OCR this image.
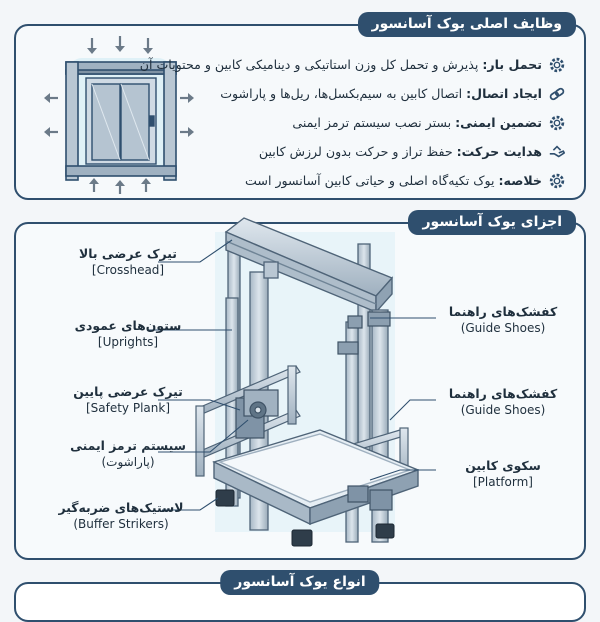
وظایف اصلی یوک آسانسور
تحمل بار:
پذیرش و تحمل کل وزن استاتیکی و دینامیکی کابین و محتویات آن
ایجاد اتصال:
اتصال کابین به سیم‌بکسل‌ها، ریل‌ها و پاراشوت
تضمین ایمنی:
بستر نصب سیستم ترمز ایمنی
هدایت حرکت:
حفظ تراز و حرکت بدون لرزش کابین
خلاصه:
یوک تکیه‌گاه اصلی و حیاتی کابین آسانسور است
اجزای یوک آسانسور
تیرک عرضی بالا
[Crosshead]
ستون‌های عمودی
[Uprights]
تیرک عرضی پایین
[Safety Plank]
سیستم ترمز ایمنی
(پاراشوت)
لاستیک‌های ضربه‌گیر
(Buffer Strikers)
کفشک‌های راهنما
(Guide Shoes)
کفشک‌های راهنما
(Guide Shoes)
سکوی کابین
[Platform]
انواع یوک آسانسور
